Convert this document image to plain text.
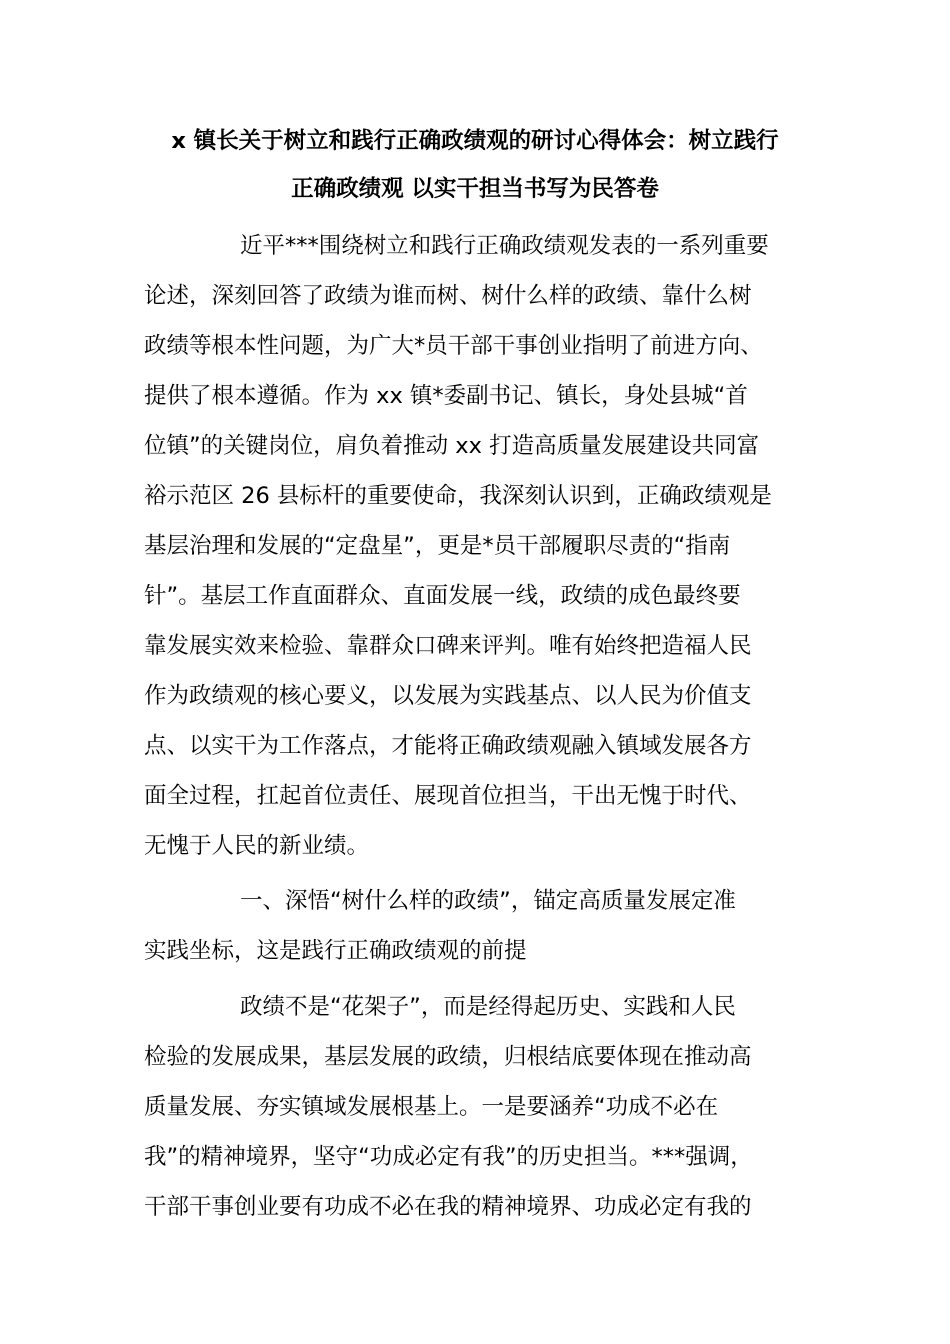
x 镇长关于树立和践行正确政绩观的研讨心得体会：树立践行
正确政绩观 以实干担当书写为民答卷
近平***围绕树立和践行正确政绩观发表的一系列重要
论述，深刻回答了政绩为谁而树、树什么样的政绩、靠什么树
政绩等根本性问题，为广大*员干部干事创业指明了前进方向、
提供了根本遵循。作为 xx 镇*委副书记、镇长，身处县城“首
位镇”的关键岗位，肩负着推动 xx 打造高质量发展建设共同富
裕示范区 26 县标杆的重要使命，我深刻认识到，正确政绩观是
基层治理和发展的“定盘星”，更是*员干部履职尽责的“指南
针”。基层工作直面群众、直面发展一线，政绩的成色最终要
靠发展实效来检验、靠群众口碑来评判。唯有始终把造福人民
作为政绩观的核心要义，以发展为实践基点、以人民为价值支
点、以实干为工作落点，才能将正确政绩观融入镇域发展各方
面全过程，扛起首位责任、展现首位担当，干出无愧于时代、
无愧于人民的新业绩。
一、深悟“树什么样的政绩”，锚定高质量发展定准
实践坐标，这是践行正确政绩观的前提
政绩不是“花架子”，而是经得起历史、实践和人民
检验的发展成果，基层发展的政绩，归根结底要体现在推动高
质量发展、夯实镇域发展根基上。一是要涵养“功成不必在
我”的精神境界，坚守“功成必定有我”的历史担当。***强调，
干部干事创业要有功成不必在我的精神境界、功成必定有我的
